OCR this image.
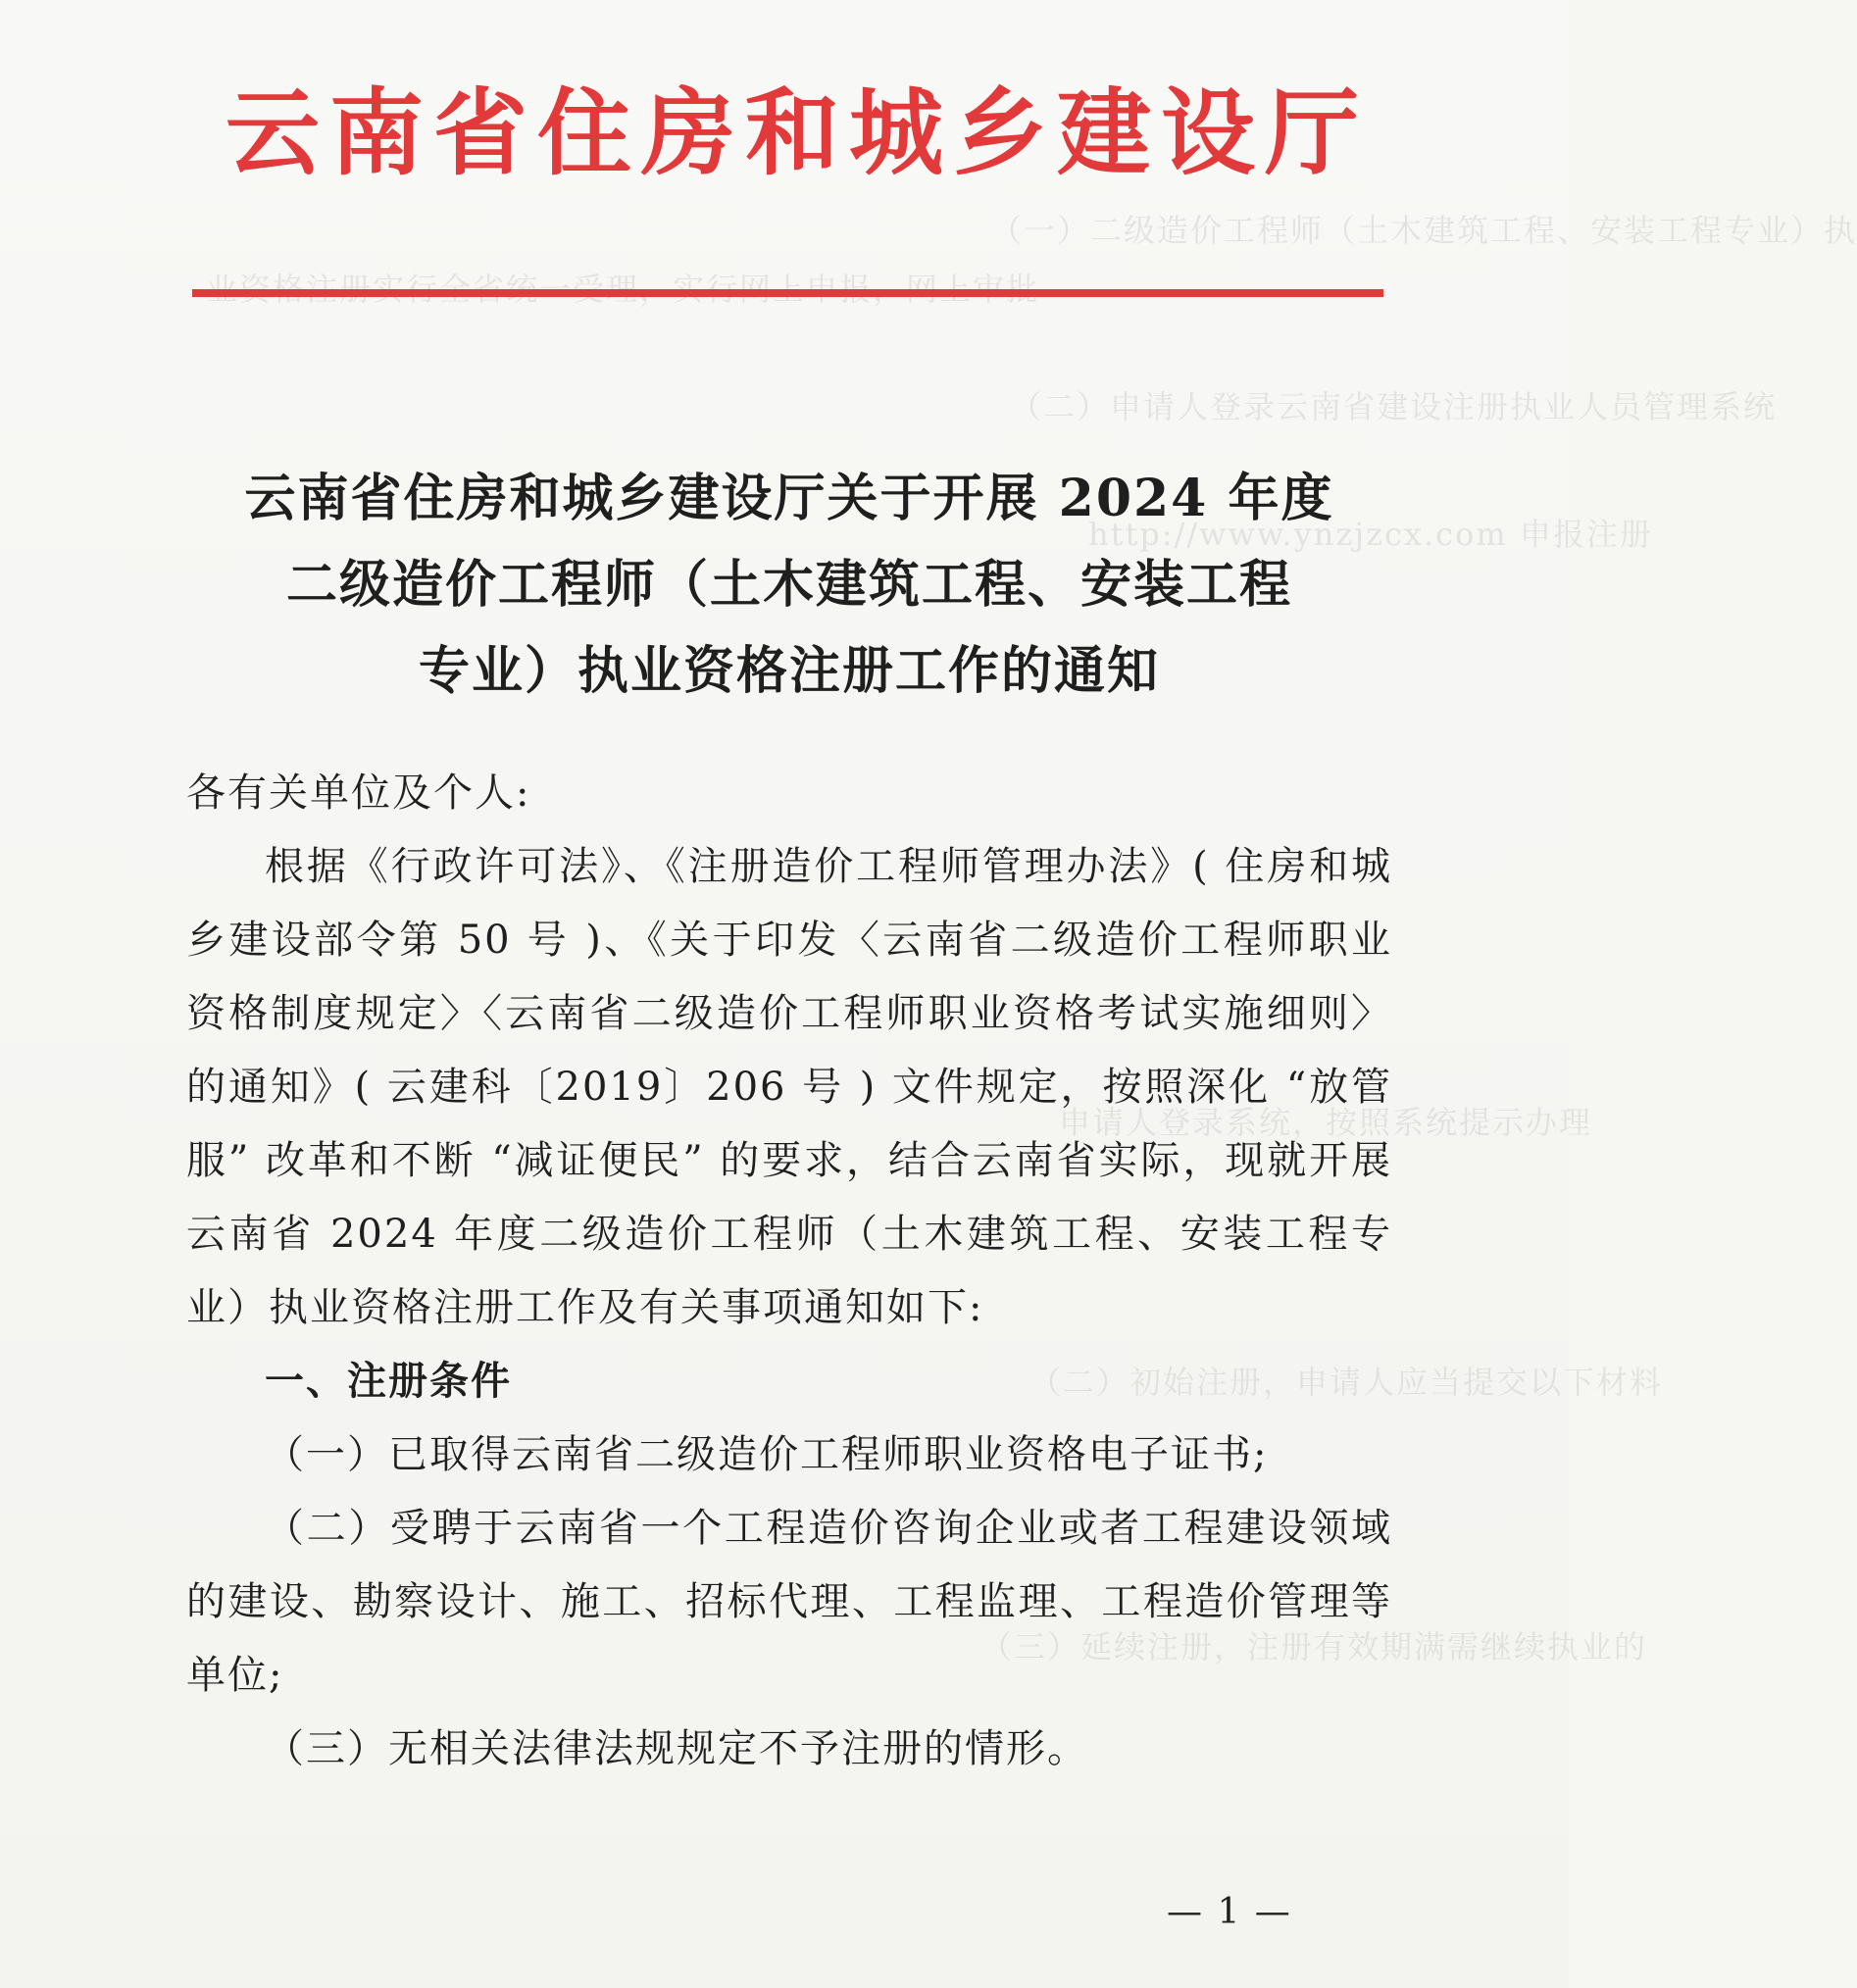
（一）二级造价工程师（土木建筑工程、安装工程专业）执
（二）申请人登录云南省建设注册执业人员管理系统
http://www.ynzjzcx.com 申报注册
申请人登录系统，按照系统提示办理
（二）初始注册，申请人应当提交以下材料
（三）延续注册，注册有效期满需继续执业的
云南省住房和城乡建设厅
云南省住房和城乡建设厅关于开展 2024 年度
二级造价工程师（土木建筑工程、安装工程
专业）执业资格注册工作的通知

各有关单位及个人:

根据《行政许可法》、《注册造价工程师管理办法》( 住房和城乡建设部令第 50 号 )、《关于印发〈云南省二级造价工程师职业资格制度规定〉〈云南省二级造价工程师职业资格考试实施细则〉的通知》( 云建科〔2019〕206 号 ) 文件规定，按照深化 “放管服” 改革和不断 “减证便民” 的要求，结合云南省实际，现就开展云南省 2024 年度二级造价工程师（土木建筑工程、安装工程专业）执业资格注册工作及有关事项通知如下:

一、注册条件

（一）已取得云南省二级造价工程师职业资格电子证书;

（二）受聘于云南省一个工程造价咨询企业或者工程建设领域的建设、勘察设计、施工、招标代理、工程监理、工程造价管理等单位;

（三）无相关法律法规规定不予注册的情形。

— 1 —
